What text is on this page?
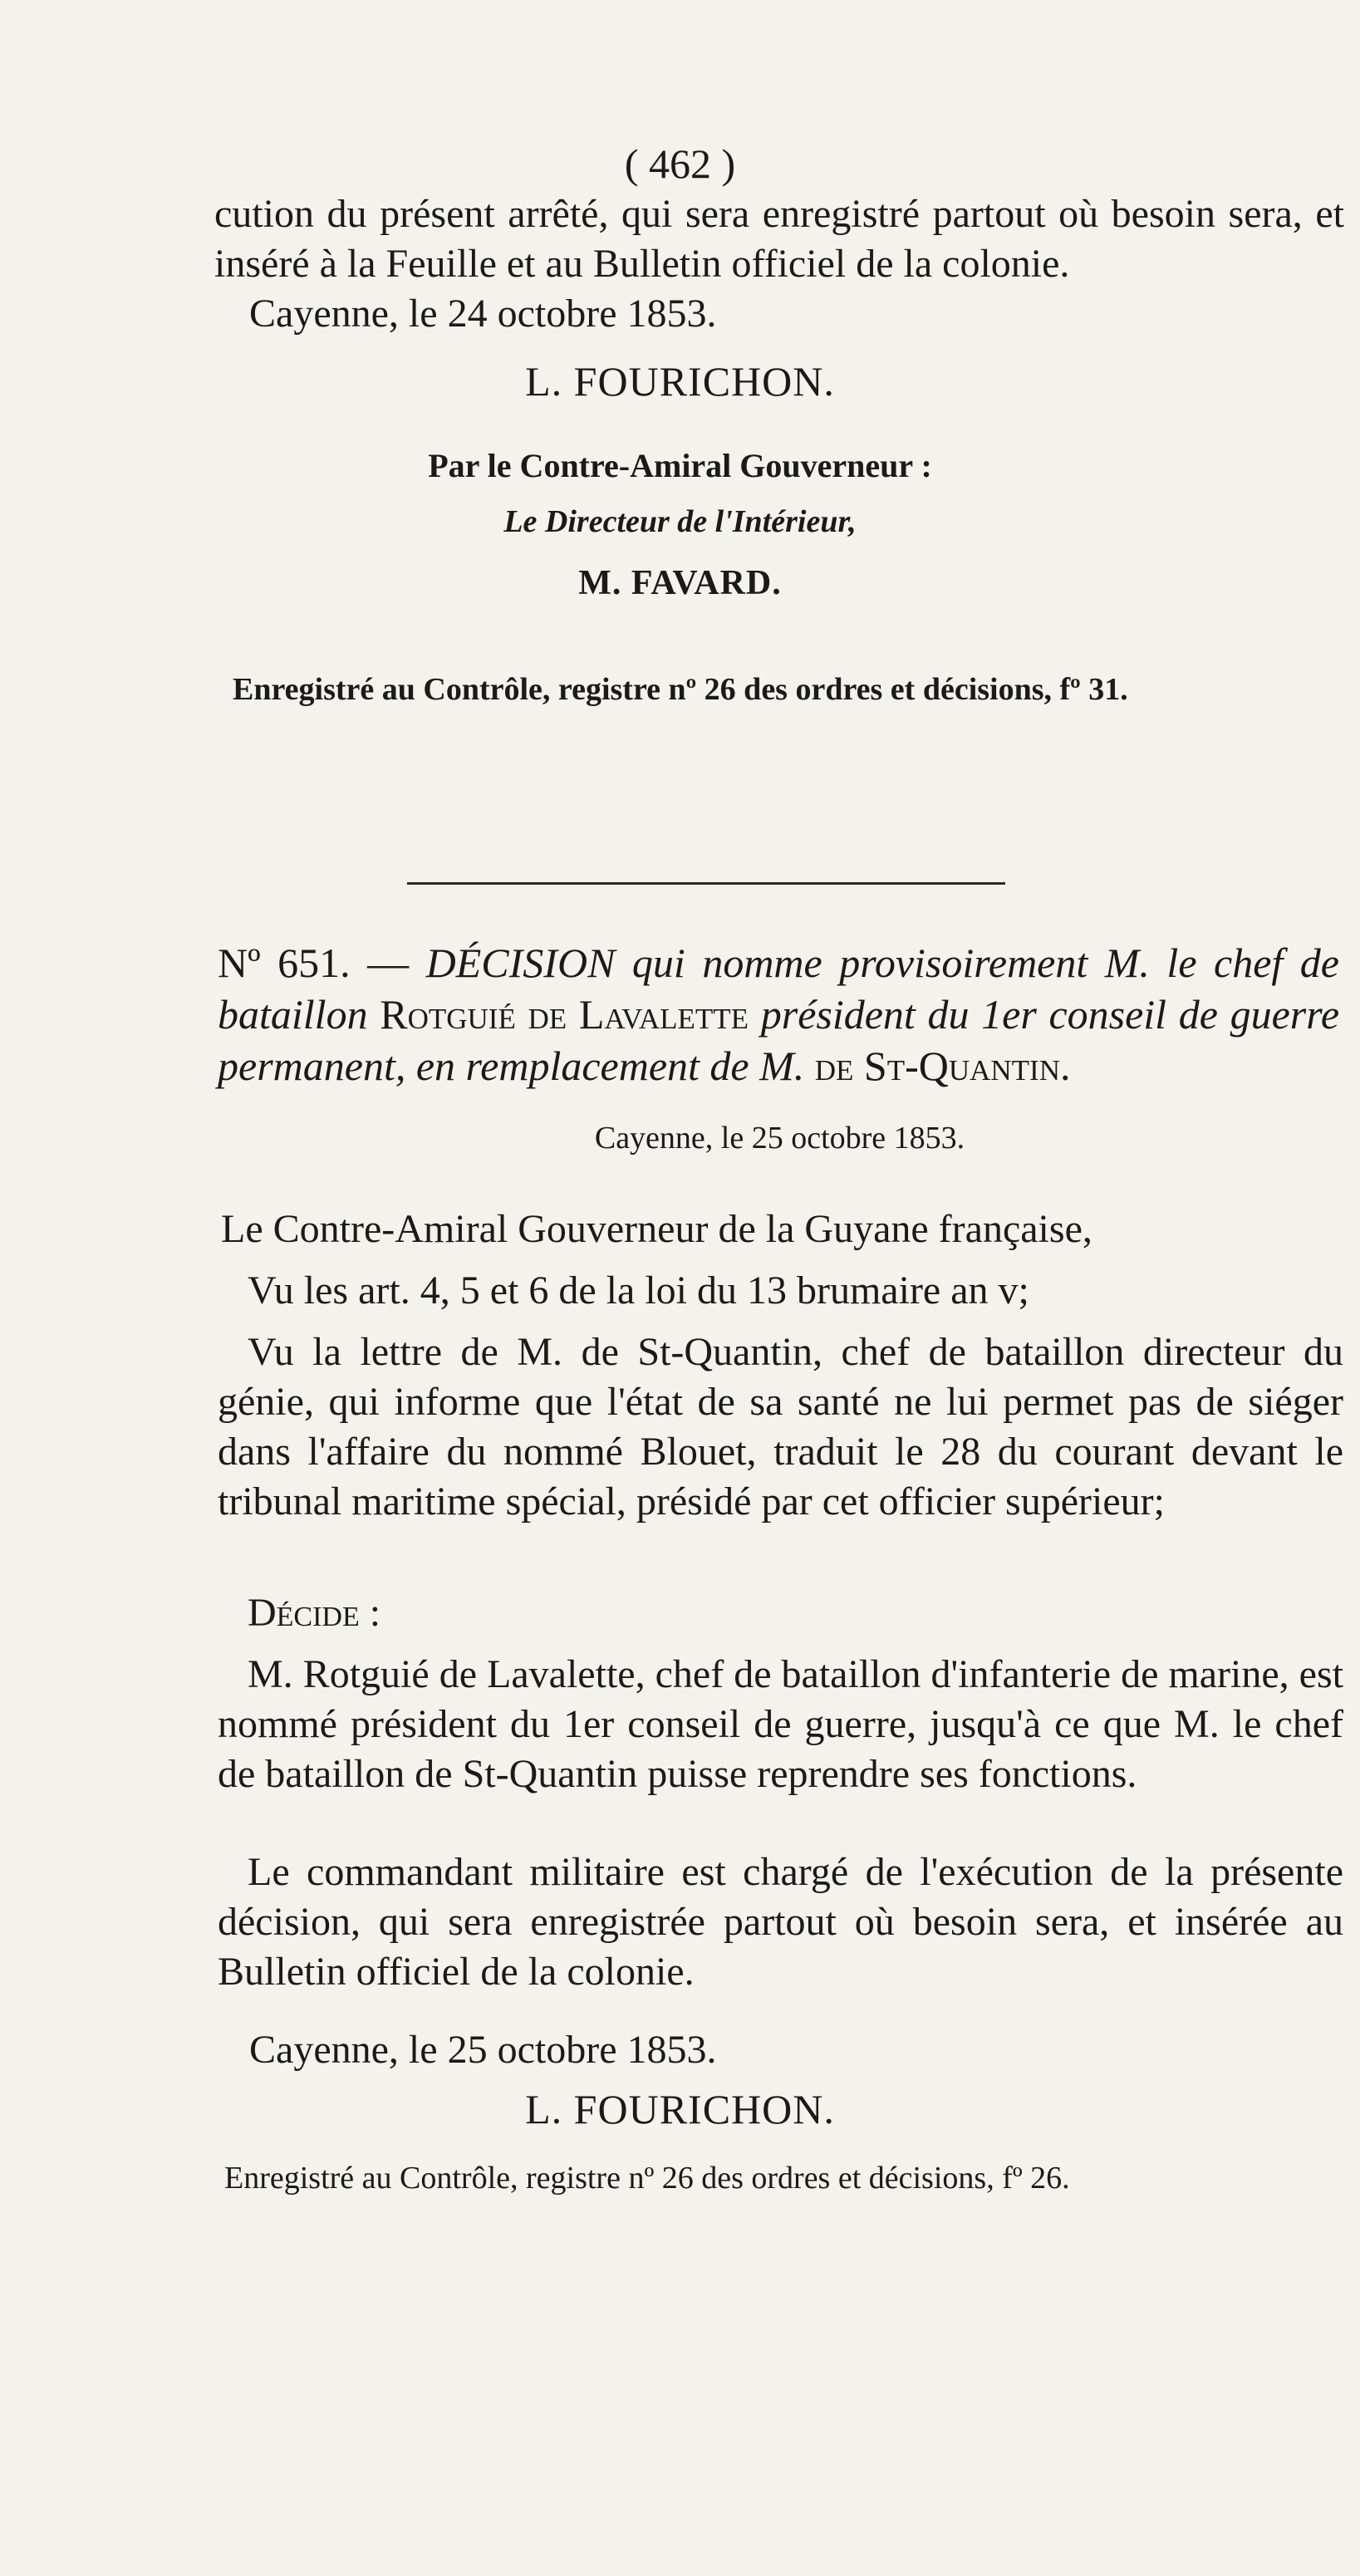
( 462 )
cution du présent arrêté, qui sera enregistré partout où besoin sera, et inséré à la Feuille et au Bulletin officiel de la colonie.
Cayenne, le 24 octobre 1853.
L. FOURICHON.
Par le Contre-Amiral Gouverneur :
Le Directeur de l'Intérieur,
M. FAVARD.
Enregistré au Contrôle, registre nº 26 des ordres et décisions, fº 31.
Nº 651. — DÉCISION qui nomme provisoirement M. le chef de bataillon Rotguié de Lavalette président du 1er conseil de guerre permanent, en remplacement de M. de St-Quantin.
Cayenne, le 25 octobre 1853.
Le Contre-Amiral Gouverneur de la Guyane française,
Vu les art. 4, 5 et 6 de la loi du 13 brumaire an v;
Vu la lettre de M. de St-Quantin, chef de bataillon directeur du génie, qui informe que l'état de sa santé ne lui permet pas de siéger dans l'affaire du nommé Blouet, traduit le 28 du courant devant le tribunal maritime spécial, présidé par cet officier supérieur;
Décide :
M. Rotguié de Lavalette, chef de bataillon d'infanterie de marine, est nommé président du 1er conseil de guerre, jusqu'à ce que M. le chef de bataillon de St-Quantin puisse reprendre ses fonctions.
Le commandant militaire est chargé de l'exécution de la présente décision, qui sera enregistrée partout où besoin sera, et insérée au Bulletin officiel de la colonie.
Cayenne, le 25 octobre 1853.
L. FOURICHON.
Enregistré au Contrôle, registre nº 26 des ordres et décisions, fº 26.
